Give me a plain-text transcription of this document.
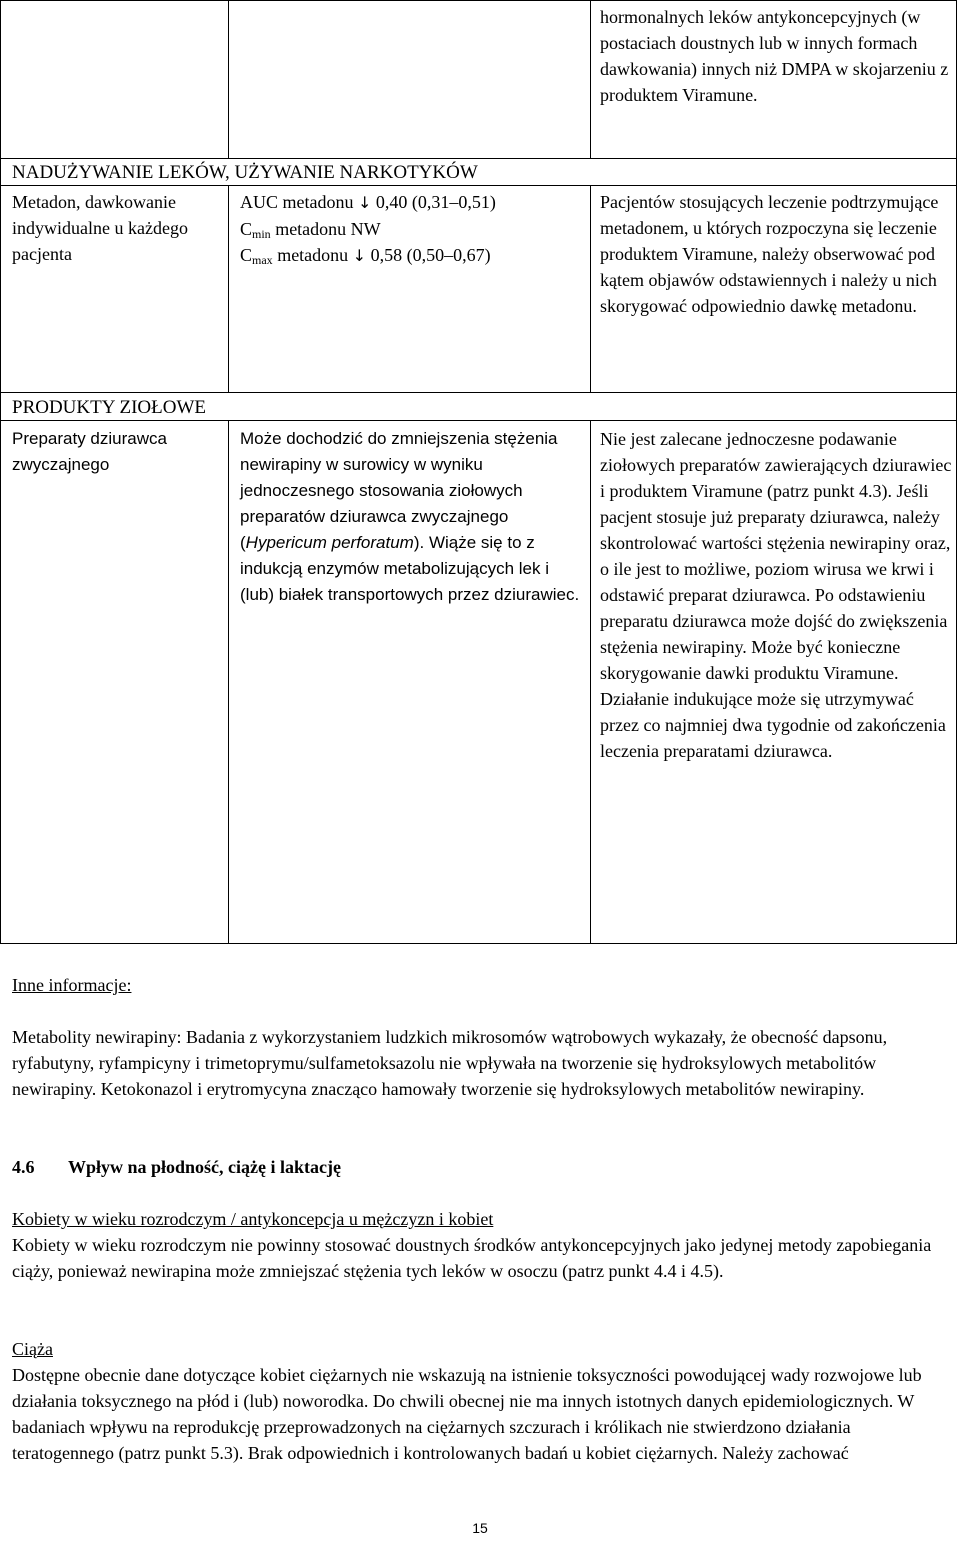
hormonalnych leków antykoncepcyjnych (w postaciach doustnych lub w innych formach dawkowania) innych niż DMPA w skojarzeniu z produktem Viramune.

NADUŻYWANIE LEKÓW, UŻYWANIE NARKOTYKÓW

Metadon, dawkowanie indywidualne u każdego pacjenta

AUC metadonu ↓ 0,40 (0,31–0,51)

$C_{min}$ metadonu NW

$C_{max}$ metadonu ↓ 0,58 (0,50–0,67)

Pacjentów stosujących leczenie podtrzymujące metadonem, u których rozpoczyna się leczenie produktem Viramune, należy obserwować pod kątem objawów odstawiennych i należy u nich skorygować odpowiednio dawkę metadonu.

PRODUKTY ZIOŁOWE

Preparaty dziurawca zwyczajnego

Może dochodzić do zmniejszenia stężenia newirapiny w surowicy w wyniku jednoczesnego stosowania ziołowych preparatów dziurawca zwyczajnego (Hypericum perforatum). Wiąże się to z indukcją enzymów metabolizujących lek i (lub) białek transportowych przez dziurawiec.

Nie jest zalecane jednoczesne podawanie ziołowych preparatów zawierających dziurawiec i produktem Viramune (patrz punkt 4.3). Jeśli pacjent stosuje już preparaty dziurawca, należy skontrolować wartości stężenia newirapiny oraz, o ile jest to możliwe, poziom wirusa we krwi i odstawić preparat dziurawca. Po odstawieniu preparatu dziurawca może dojść do zwiększenia stężenia newirapiny. Może być konieczne skorygowanie dawki produktu Viramune. Działanie indukujące może się utrzymywać przez co najmniej dwa tygodnie od zakończenia leczenia preparatami dziurawca.

Inne informacje:

Metabolity newirapiny: Badania z wykorzystaniem ludzkich mikrosomów wątrobowych wykazały, że obecność dapsonu, ryfabutyny, ryfampicyny i trimetoprymu/sulfametoksazolu nie wpływała na tworzenie się hydroksylowych metabolitów newirapiny. Ketokonazol i erytromycyna znacząco hamowały tworzenie się hydroksylowych metabolitów newirapiny.

4.6 Wpływ na płodność, ciążę i laktację
Kobiety w wieku rozrodczym / antykoncepcja u mężczyzn i kobiet

Kobiety w wieku rozrodczym nie powinny stosować doustnych środków antykoncepcyjnych jako jedynej metody zapobiegania ciąży, ponieważ newirapina może zmniejszać stężenia tych leków w osoczu (patrz punkt 4.4 i 4.5).

Ciąża

Dostępne obecnie dane dotyczące kobiet ciężarnych nie wskazują na istnienie toksyczności powodującej wady rozwojowe lub działania toksycznego na płód i (lub) noworodka. Do chwili obecnej nie ma innych istotnych danych epidemiologicznych. W badaniach wpływu na reprodukcję przeprowadzonych na ciężarnych szczurach i królikach nie stwierdzono działania teratogennego (patrz punkt 5.3). Brak odpowiednich i kontrolowanych badań u kobiet ciężarnych. Należy zachować

15
